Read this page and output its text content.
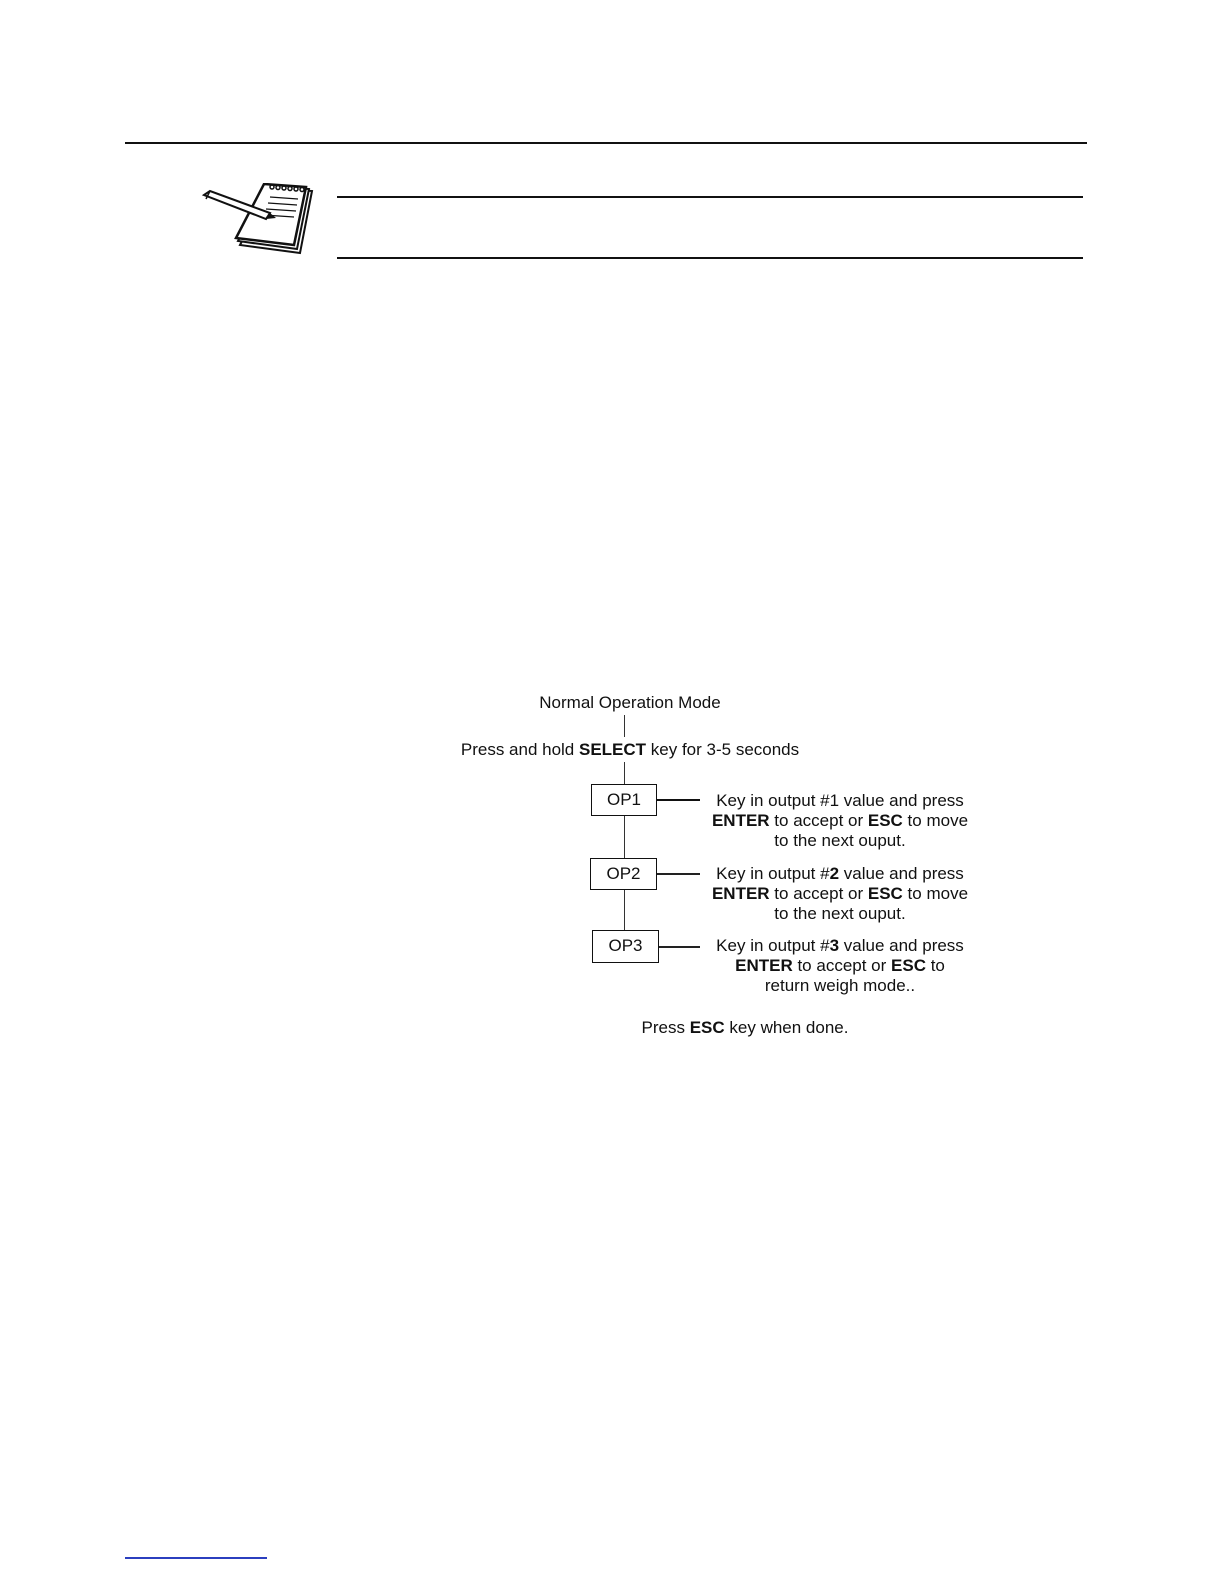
Normal Operation Mode
Press and hold SELECT key for 3-5 seconds
OP1	Key in output #1 value and press
ENTER to accept or ESC to move
to the next ouput.
OP2	Key in output #2 value and press
ENTER to accept or ESC to move
to the next ouput.
OP3	Key in output #3 value and press
ENTER to accept or ESC to
return weigh mode..
Press ESC key when done.
